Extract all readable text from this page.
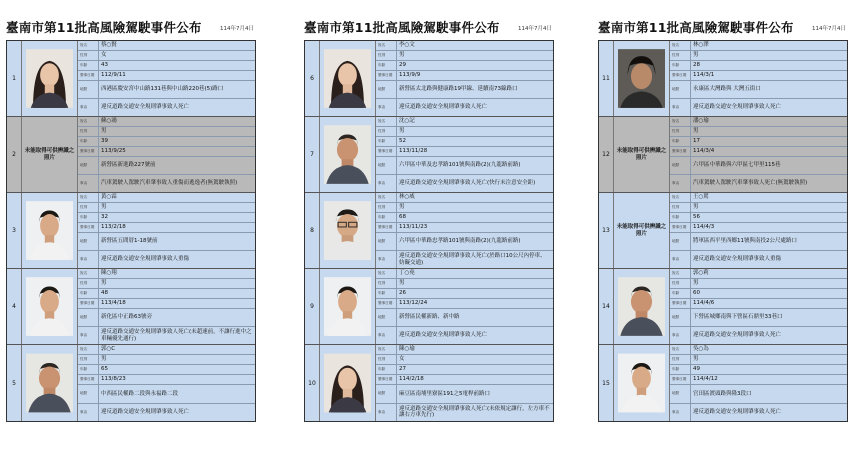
臺南市第11批高風險駕駛事件公布	114年7月4日
1
姓名	蔡○賢
性別	女
年齡	43
肇事日期	112/9/11
地點	西港區慶安宮中山路131巷與中山路220巷(5)路口
事由	違反道路交通安全規則肇事致人死亡
2
未能取得可供辨識之照片
姓名	蘇○鴻
性別	男
年齡	39
肇事日期	113/9/25
地點	新營區新進路227號前
事由	汽車駕駛人駕駛汽車肇事致人重傷而逃逸者(無駕駛執照)
3
姓名	黃○霖
性別	男
年齡	32
肇事日期	113/2/18
地點	新營區五間厝1-18號前
事由	違反道路交通安全規則肇事致人重傷
4
姓名	陳○翔
性別	男
年齡	48
肇事日期	113/4/18
地點	新化區中正路63號旁
事由	違反道路交通安全規則肇事致人死亡(未超速前，不讓行進中之車輛優先通行)
5
姓名	郭○C
性別	男
年齡	65
肇事日期	113/8/23
地點	中西區民權路二段與永福路二段
事由	違反道路交通安全規則肇事致人死亡
臺南市第11批高風險駕駛事件公布	114年7月4日
6
姓名	李○文
性別	男
年齡	29
肇事日期	113/9/9
地點	新營區太北路與健康路19甲線、延續南73線路口
事由	違反道路交通安全規則肇事致人死亡
7
姓名	沈○記
性別	男
年齡	52
肇事日期	113/11/28
地點	六甲區中華及忠孝路101號與南路(2)(九龍路前路)
事由	違反道路交通安全規則肇事致人死亡(快行未注意安全距)
8
姓名	林○威
性別	男
年齡	68
肇事日期	113/11/23
地點	六甲區中華路忠孝路101號與南路(2)(九龍路前路)
事由	違反道路交通安全規則肇事致人死亡(於路口10公尺內停車、妨礙交通)
9
姓名	丁○堯
性別	男
年齡	26
肇事日期	113/12/24
地點	新營區民權新路、新中路
事由	違反道路交通安全規則肇事致人死亡
10
姓名	陳○瑜
性別	女
年齡	27
肇事日期	114/2/18
地點	麻豆區南埔里寮區191之5電桿前路口
事由	違反道路交通安全規則肇事致人死亡(未依規定讓行，左方車不讓右方車先行)
臺南市第11批高風險駕駛事件公布	114年7月4日
11
姓名	林○澤
性別	男
年齡	28
肇事日期	114/3/1
地點	永康區大灣路與 大灣五街口
事由	違反道路交通安全規則肇事致人死亡
12
未能取得可供辨識之照片
姓名	潘○瑜
性別	男
年齡	17
肇事日期	114/3/4
地點	六甲區中華路與六甲區七甲里115巷
事由	汽車駕駛人駕駛汽車肇事致人死亡(無駕駛執照)
13
未能取得可供辨識之照片
姓名	王○罵
性別	男
年齡	56
肇事日期	114/4/3
地點	將軍區西平里西鄉11號與南投2公尺處路口
事由	違反道路交通安全規則肇事致人重傷
14
姓名	郭○莉
性別	男
年齡	60
肇事日期	114/4/6
地點	下營區城鄉南與下營區石鼎里33巷口
事由	違反道路交通安全規則肇事致人死亡
15
姓名	吳○為
性別	男
年齡	49
肇事日期	114/4/12
地點	官田區渡頭路與隆3段口
事由	違反道路交通安全規則肇事致人死亡
